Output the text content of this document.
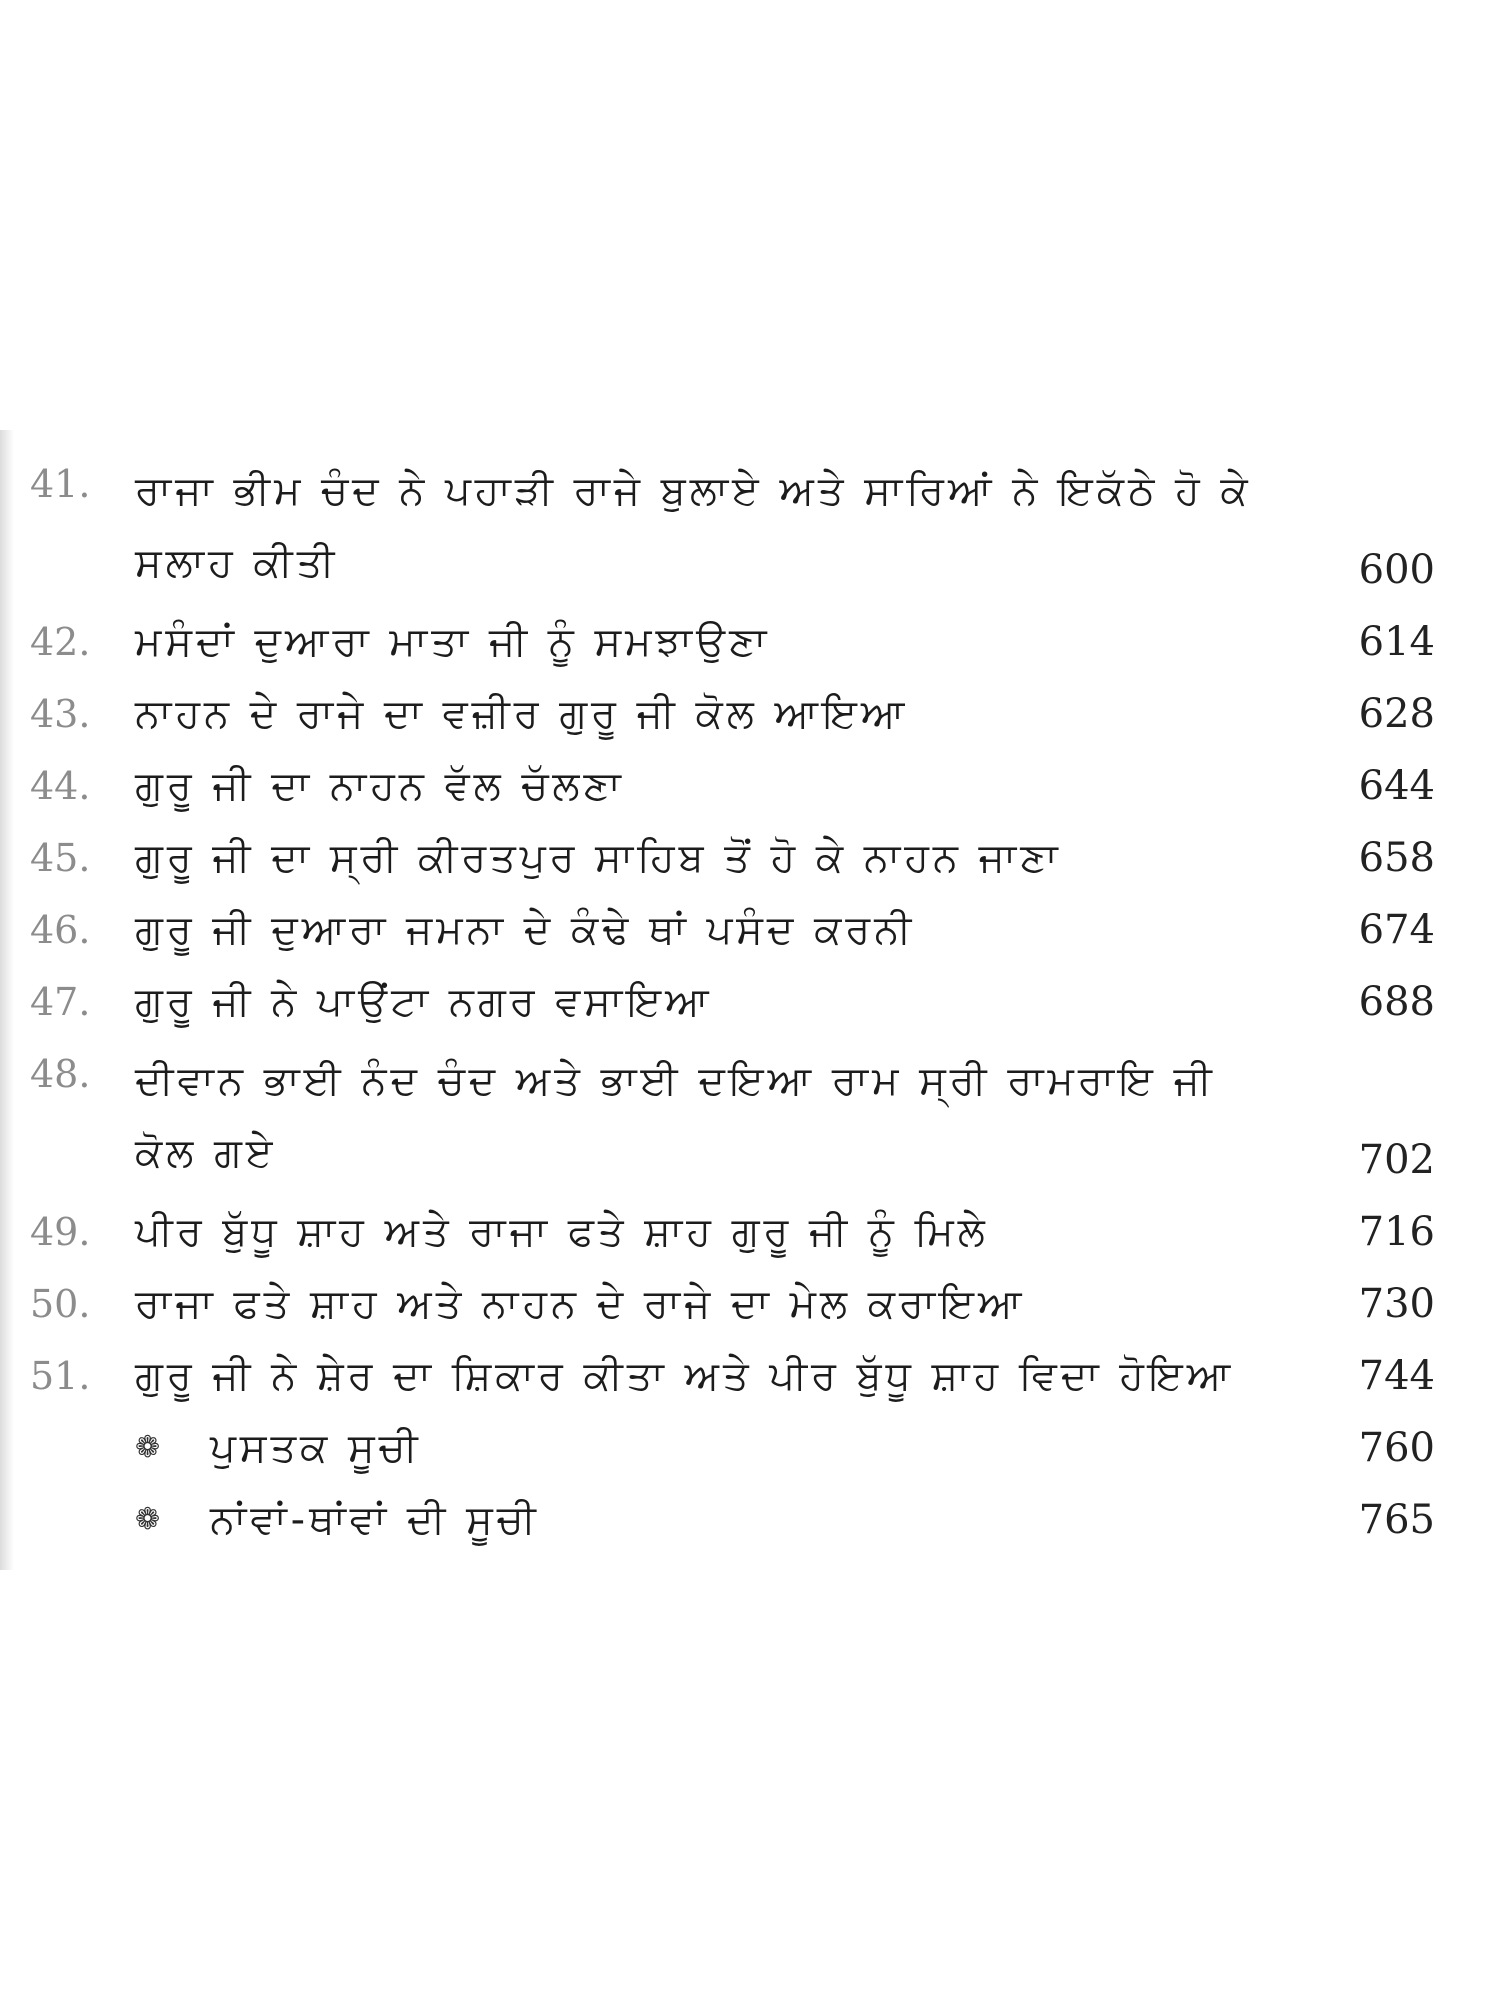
41.	ਰਾਜਾ ਭੀਮ ਚੰਦ ਨੇ ਪਹਾੜੀ ਰਾਜੇ ਬੁਲਾਏ ਅਤੇ ਸਾਰਿਆਂ ਨੇ ਇਕੱਠੇ ਹੋ ਕੇ ਸਲਾਹ ਕੀਤੀ	600
42.	ਮਸੰਦਾਂ ਦੁਆਰਾ ਮਾਤਾ ਜੀ ਨੂੰ ਸਮਝਾਉਣਾ	614
43.	ਨਾਹਨ ਦੇ ਰਾਜੇ ਦਾ ਵਜ਼ੀਰ ਗੁਰੂ ਜੀ ਕੋਲ ਆਇਆ	628
44.	ਗੁਰੂ ਜੀ ਦਾ ਨਾਹਨ ਵੱਲ ਚੱਲਣਾ	644
45.	ਗੁਰੂ ਜੀ ਦਾ ਸ੍ਰੀ ਕੀਰਤਪੁਰ ਸਾਹਿਬ ਤੋਂ ਹੋ ਕੇ ਨਾਹਨ ਜਾਣਾ	658
46.	ਗੁਰੂ ਜੀ ਦੁਆਰਾ ਜਮਨਾ ਦੇ ਕੰਢੇ ਥਾਂ ਪਸੰਦ ਕਰਨੀ	674
47.	ਗੁਰੂ ਜੀ ਨੇ ਪਾਉਂਟਾ ਨਗਰ ਵਸਾਇਆ	688
48.	ਦੀਵਾਨ ਭਾਈ ਨੰਦ ਚੰਦ ਅਤੇ ਭਾਈ ਦਇਆ ਰਾਮ ਸ੍ਰੀ ਰਾਮਰਾਇ ਜੀ ਕੋਲ ਗਏ	702
49.	ਪੀਰ ਬੁੱਧੂ ਸ਼ਾਹ ਅਤੇ ਰਾਜਾ ਫਤੇ ਸ਼ਾਹ ਗੁਰੂ ਜੀ ਨੂੰ ਮਿਲੇ	716
50.	ਰਾਜਾ ਫਤੇ ਸ਼ਾਹ ਅਤੇ ਨਾਹਨ ਦੇ ਰਾਜੇ ਦਾ ਮੇਲ ਕਰਾਇਆ	730
51.	ਗੁਰੂ ਜੀ ਨੇ ਸ਼ੇਰ ਦਾ ਸ਼ਿਕਾਰ ਕੀਤਾ ਅਤੇ ਪੀਰ ਬੁੱਧੂ ਸ਼ਾਹ ਵਿਦਾ ਹੋਇਆ	744
❁	ਪੁਸਤਕ ਸੂਚੀ	760
❁	ਨਾਂਵਾਂ-ਥਾਂਵਾਂ ਦੀ ਸੂਚੀ	765
